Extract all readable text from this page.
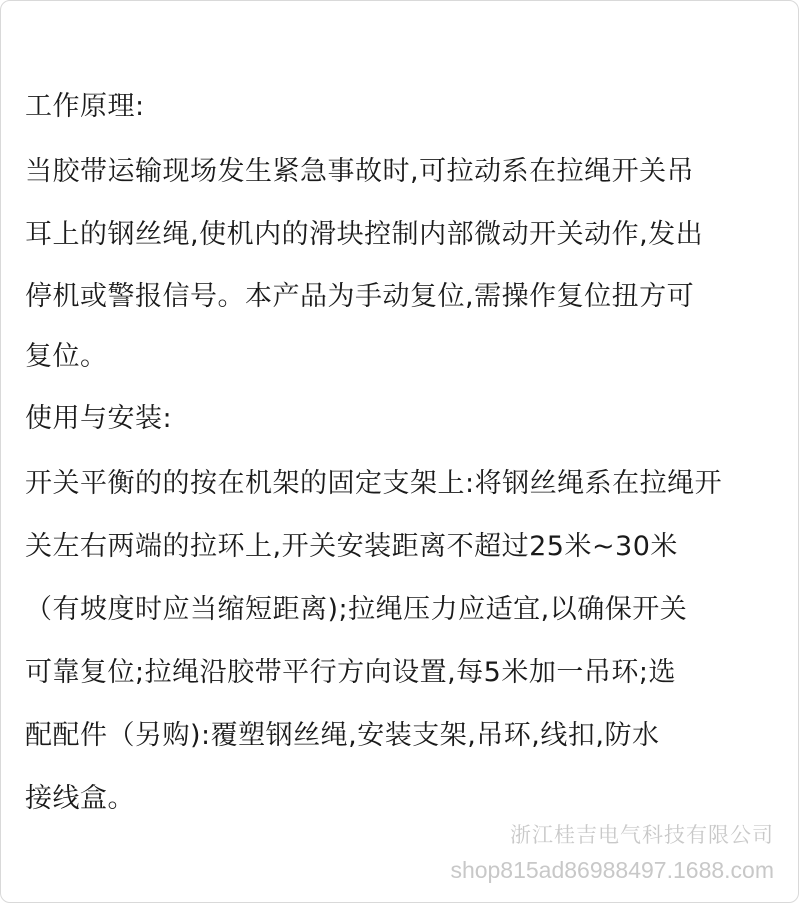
工作原理:
当胶带运输现场发生紧急事故时,可拉动系在拉绳开关吊
耳上的钢丝绳,使机内的滑块控制内部微动开关动作,发出
停机或警报信号。本产品为手动复位,需操作复位扭方可
复位。
使用与安装:
开关平衡的的按在机架的固定支架上:将钢丝绳系在拉绳开
关左右两端的拉环上,开关安装距离不超过25米~30米
（有坡度时应当缩短距离);拉绳压力应适宜,以确保开关
可靠复位;拉绳沿胶带平行方向设置,每5米加一吊环;选
配配件（另购):覆塑钢丝绳,安装支架,吊环,线扣,防水
接线盒。
浙江桂吉电气科技有限公司
shop815ad86988497.1688.com
